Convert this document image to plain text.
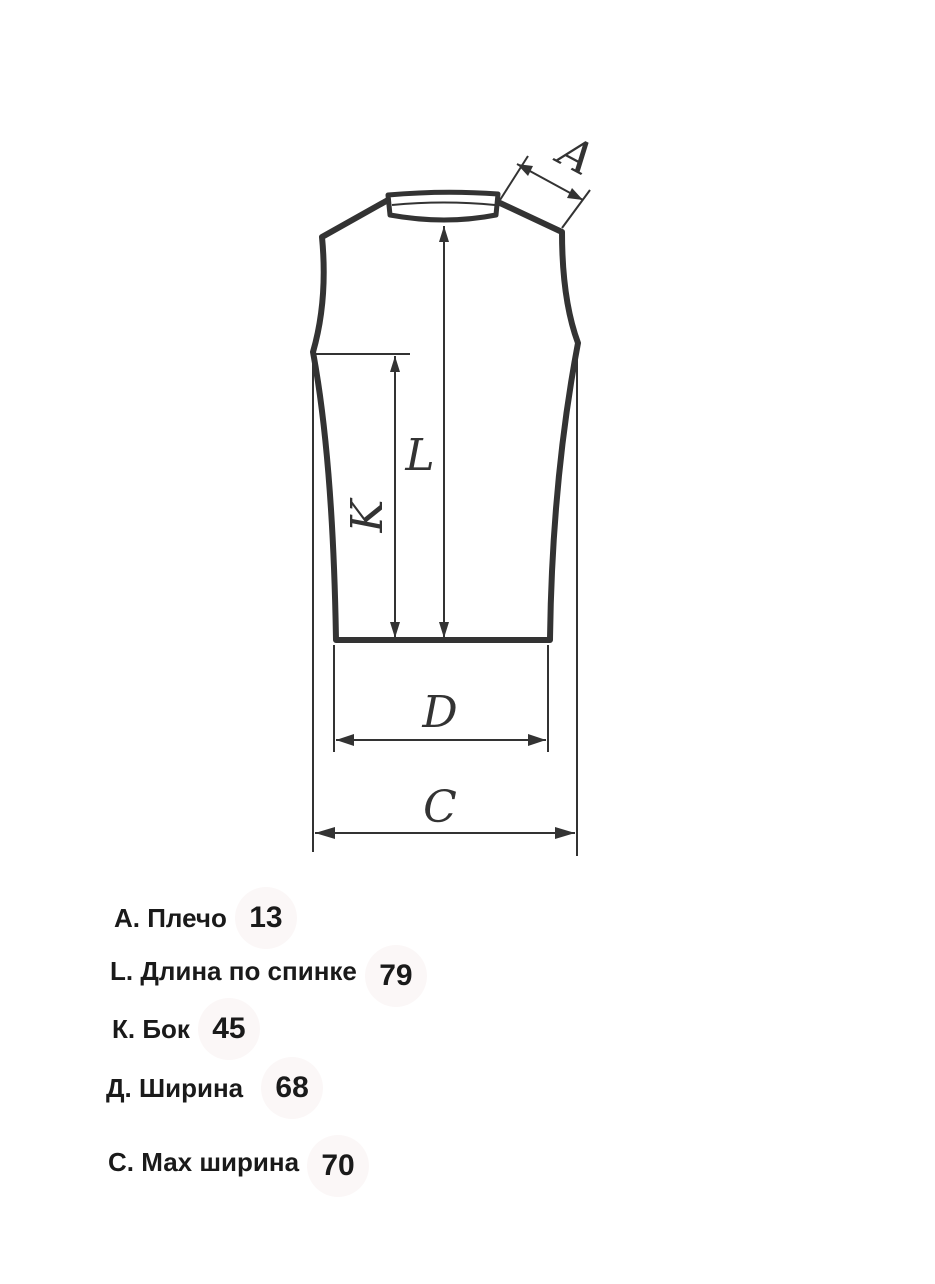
A
L
K
D
C
А. Плечо 13
L. Длина по спинке 79
К. Бок 45
Д. Ширина	68
С. Мах ширина 70
